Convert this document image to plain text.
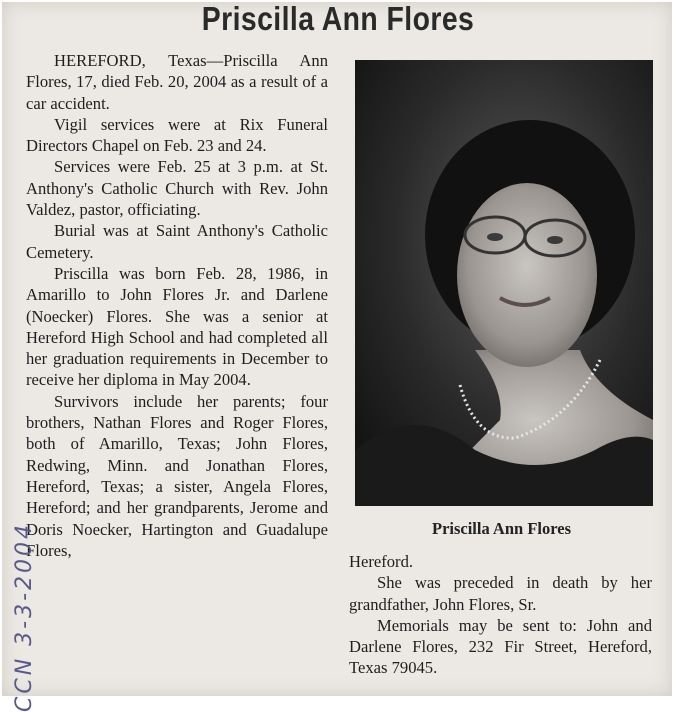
Priscilla Ann Flores

HEREFORD, Texas—Priscilla Ann Flores, 17, died Feb. 20, 2004 as a result of a car accident.

Vigil services were at Rix Funeral Directors Chapel on Feb. 23 and 24.

Services were Feb. 25 at 3 p.m. at St. Anthony's Catholic Church with Rev. John Valdez, pastor, officiating.

Burial was at Saint Anthony's Catholic Cemetery.

Priscilla was born Feb. 28, 1986, in Amarillo to John Flores Jr. and Darlene (Noecker) Flores. She was a senior at Hereford High School and had completed all her graduation requirements in December to receive her diploma in May 2004.

Survivors include her parents; four brothers, Nathan Flores and Roger Flores, both of Amarillo, Texas; John Flores, Redwing, Minn. and Jonathan Flores, Hereford, Texas; a sister, Angela Flores, Hereford; and her grandparents, Jerome and Doris Noecker, Hartington and Guadalupe Flores,

Priscilla Ann Flores

Hereford.

She was preceded in death by her grandfather, John Flores, Sr.

Memorials may be sent to: John and Darlene Flores, 232 Fir Street, Hereford, Texas 79045.

CCN 3-3-2004
